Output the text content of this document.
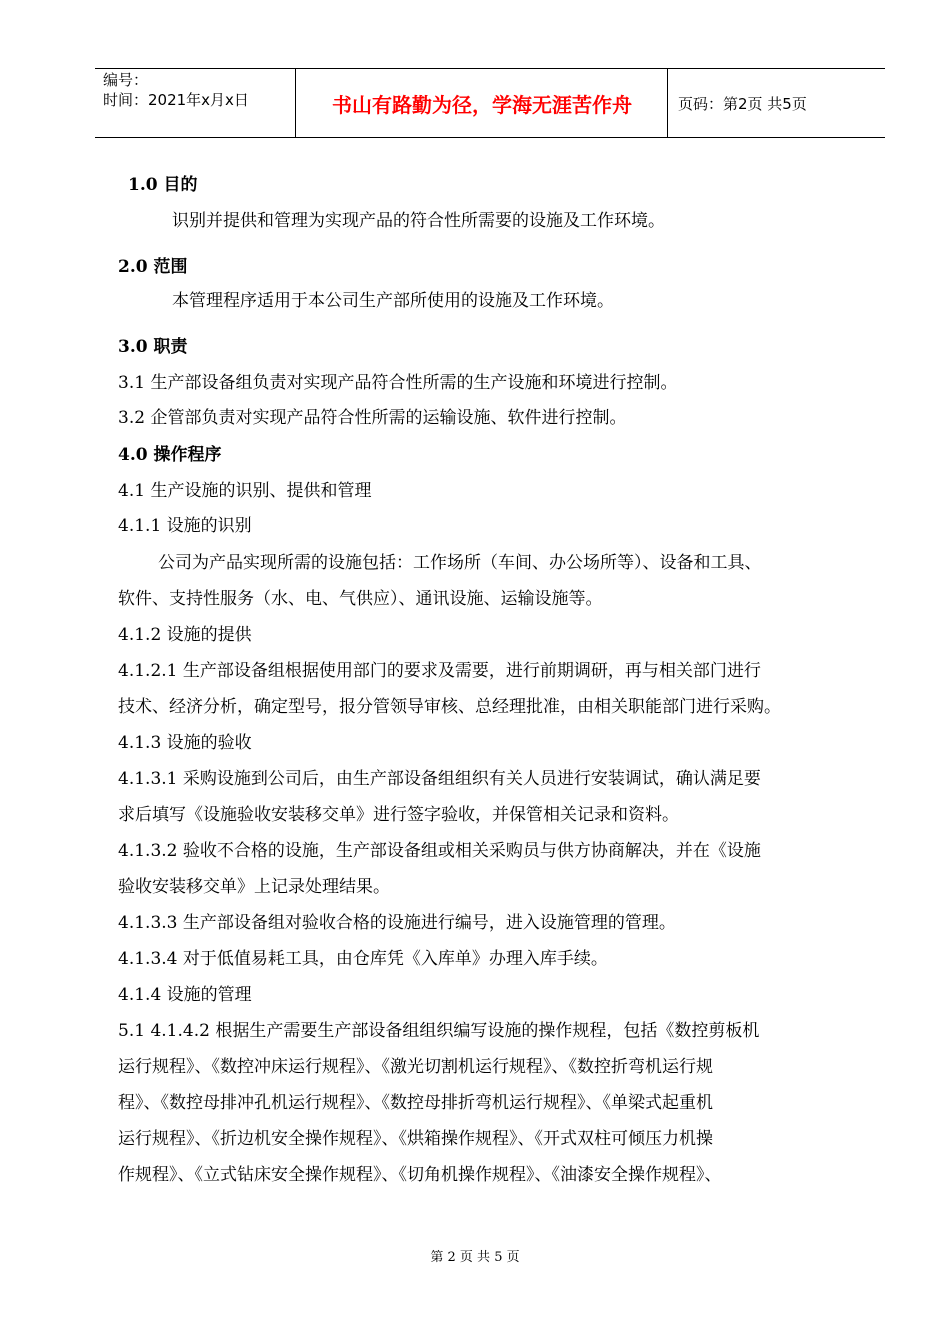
编号：
时间：2021年x月x日	书山有路勤为径，学海无涯苦作舟	页码：第2页 共5页
1.0 目的
识别并提供和管理为实现产品的符合性所需要的设施及工作环境。
2.0 范围
本管理程序适用于本公司生产部所使用的设施及工作环境。
3.0 职责
3.1 生产部设备组负责对实现产品符合性所需的生产设施和环境进行控制。
3.2 企管部负责对实现产品符合性所需的运输设施、软件进行控制。
4.0 操作程序
4.1 生产设施的识别、提供和管理
4.1.1 设施的识别
公司为产品实现所需的设施包括：工作场所（车间、办公场所等）、设备和工具、
软件、支持性服务（水、电、气供应）、通讯设施、运输设施等。
4.1.2 设施的提供
4.1.2.1 生产部设备组根据使用部门的要求及需要，进行前期调研，再与相关部门进行
技术、经济分析，确定型号，报分管领导审核、总经理批准，由相关职能部门进行采购。
4.1.3 设施的验收
4.1.3.1 采购设施到公司后，由生产部设备组组织有关人员进行安装调试，确认满足要
求后填写《设施验收安装移交单》进行签字验收，并保管相关记录和资料。
4.1.3.2 验收不合格的设施，生产部设备组或相关采购员与供方协商解决，并在《设施
验收安装移交单》上记录处理结果。
4.1.3.3 生产部设备组对验收合格的设施进行编号，进入设施管理的管理。
4.1.3.4 对于低值易耗工具，由仓库凭《入库单》办理入库手续。
4.1.4 设施的管理
5.1 4.1.4.2 根据生产需要生产部设备组组织编写设施的操作规程，包括《数控剪板机
运行规程》、《数控冲床运行规程》、《激光切割机运行规程》、《数控折弯机运行规
程》、《数控母排冲孔机运行规程》、《数控母排折弯机运行规程》、《单梁式起重机
运行规程》、《折边机安全操作规程》、《烘箱操作规程》、《开式双柱可倾压力机操
作规程》、《立式钻床安全操作规程》、《切角机操作规程》、《油漆安全操作规程》、
第 2 页 共 5 页
